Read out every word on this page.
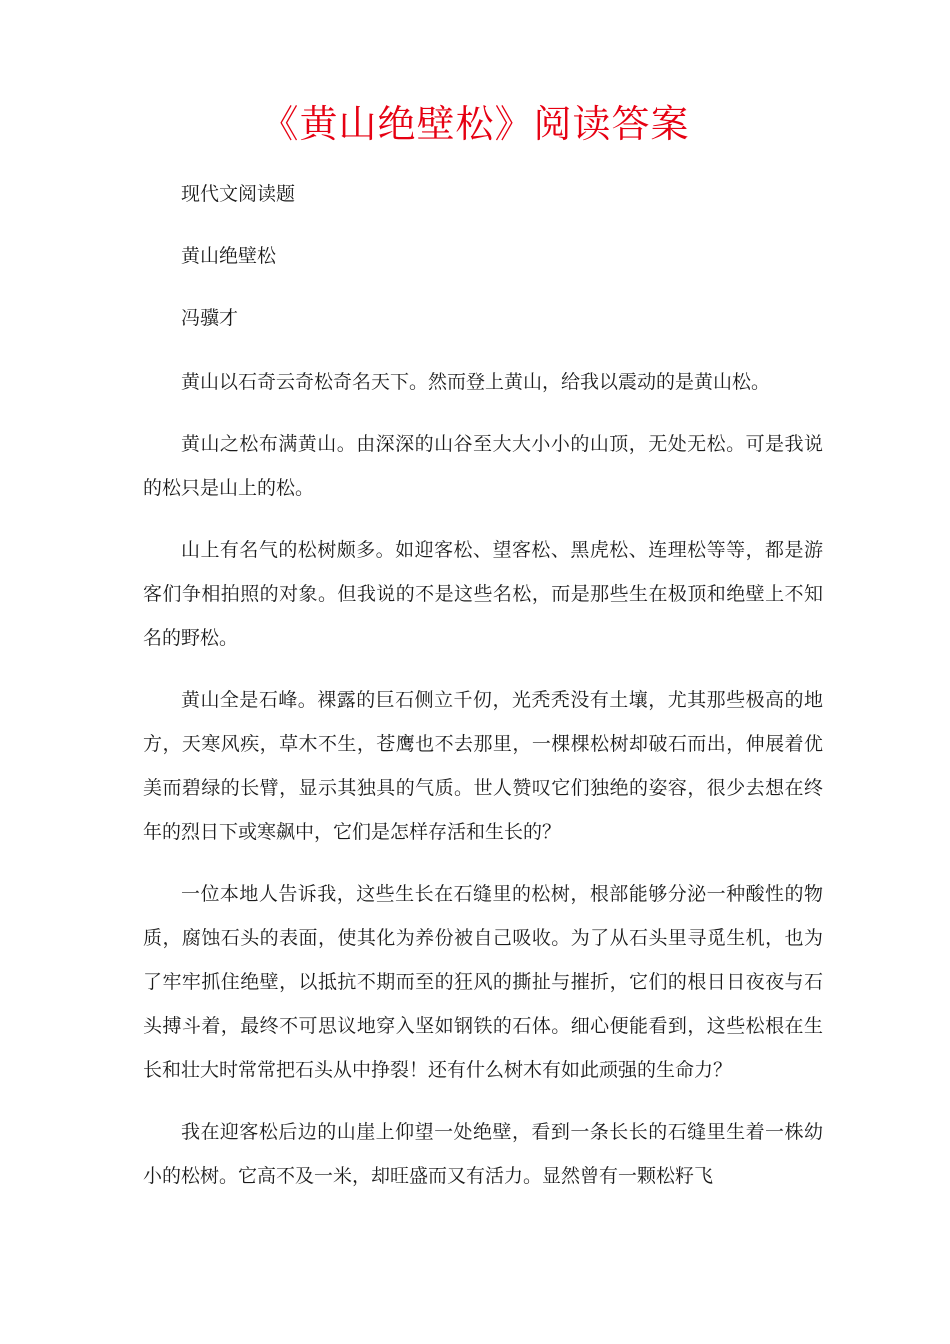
《黄山绝壁松》阅读答案

现代文阅读题

黄山绝壁松

冯骥才

黄山以石奇云奇松奇名天下。然而登上黄山，给我以震动的是黄山松。

黄山之松布满黄山。由深深的山谷至大大小小的山顶，无处无松。可是我说的松只是山上的松。

山上有名气的松树颇多。如迎客松、望客松、黑虎松、连理松等等，都是游客们争相拍照的对象。但我说的不是这些名松，而是那些生在极顶和绝壁上不知名的野松。

黄山全是石峰。裸露的巨石侧立千仞，光秃秃没有土壤，尤其那些极高的地方，天寒风疾，草木不生，苍鹰也不去那里，一棵棵松树却破石而出，伸展着优美而碧绿的长臂，显示其独具的气质。世人赞叹它们独绝的姿容，很少去想在终年的烈日下或寒飙中，它们是怎样存活和生长的？

一位本地人告诉我，这些生长在石缝里的松树，根部能够分泌一种酸性的物质，腐蚀石头的表面，使其化为养份被自己吸收。为了从石头里寻觅生机，也为了牢牢抓住绝壁，以抵抗不期而至的狂风的撕扯与摧折，它们的根日日夜夜与石头搏斗着，最终不可思议地穿入坚如钢铁的石体。细心便能看到，这些松根在生长和壮大时常常把石头从中挣裂！还有什么树木有如此顽强的生命力？

我在迎客松后边的山崖上仰望一处绝壁，看到一条长长的石缝里生着一株幼小的松树。它高不及一米，却旺盛而又有活力。显然曾有一颗松籽飞
